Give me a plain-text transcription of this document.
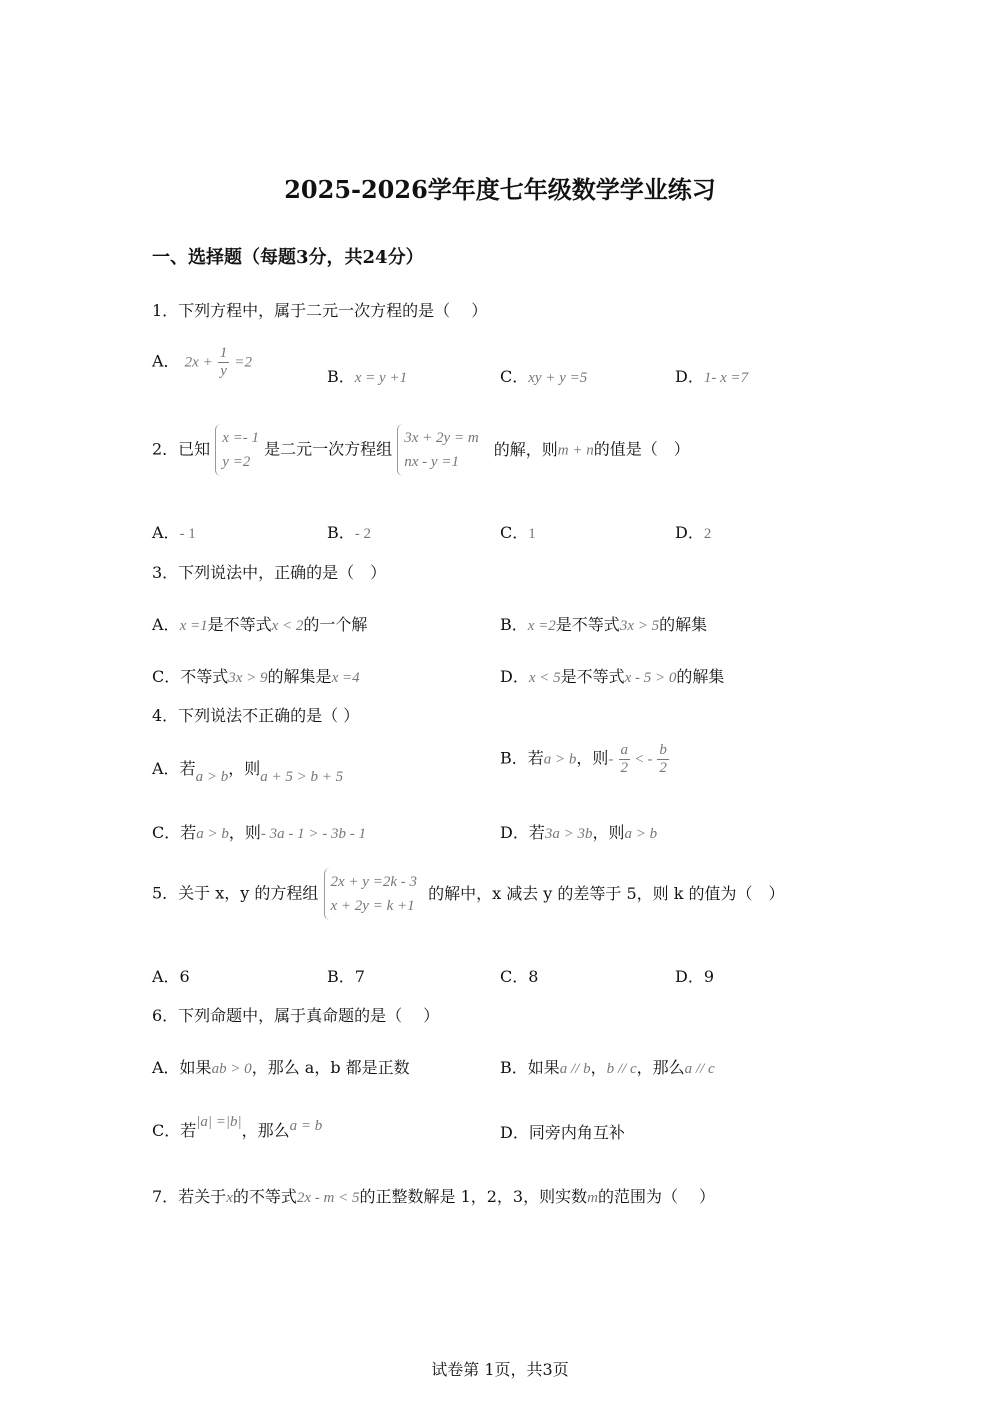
2025-2026学年度七年级数学学业练习
一、选择题（每题3分，共24分）
1．下列方程中，属于二元一次方程的是（　 ）
A． $2x + \frac{1}{y} =2$
B．x = y +1	C．xy + y =5	D．1- x =7
2．已知
x =- 1
y =2
是二元一次方程组
3x + 2y = m
nx - y =1
的解，则m + n的值是（　）
A．- 1	B．- 2	C．1	D．2
3．下列说法中，正确的是（　）
A．x =1是不等式x < 2的一个解	B．x =2是不等式3x > 5的解集
C．不等式3x > 9的解集是x =4	D．x < 5是不等式x - 5 > 0的解集
4．下列说法不正确的是（ ）
A．若a > b，则a + 5 > b + 5
B．若a > b，则- $\frac{a}{2}$ < - $\frac{b}{2}$
C．若a > b，则- 3a - 1 > - 3b - 1	D．若3a > 3b，则a > b
5．关于 x，y 的方程组
2x + y =2k - 3
x + 2y = k +1
的解中，x 减去 y 的差等于 5，则 k 的值为（　）
A．6	B．7	C．8	D．9
6．下列命题中，属于真命题的是（　 ）
A．如果ab > 0，那么 a，b 都是正数	B．如果a // b，b // c，那么a // c
C．若|a| =|b|，那么a = b	D．同旁内角互补
7．若关于x的不等式2x - m < 5的正整数解是 1，2，3，则实数m的范围为（　 ）
试卷第 1页，共3页
